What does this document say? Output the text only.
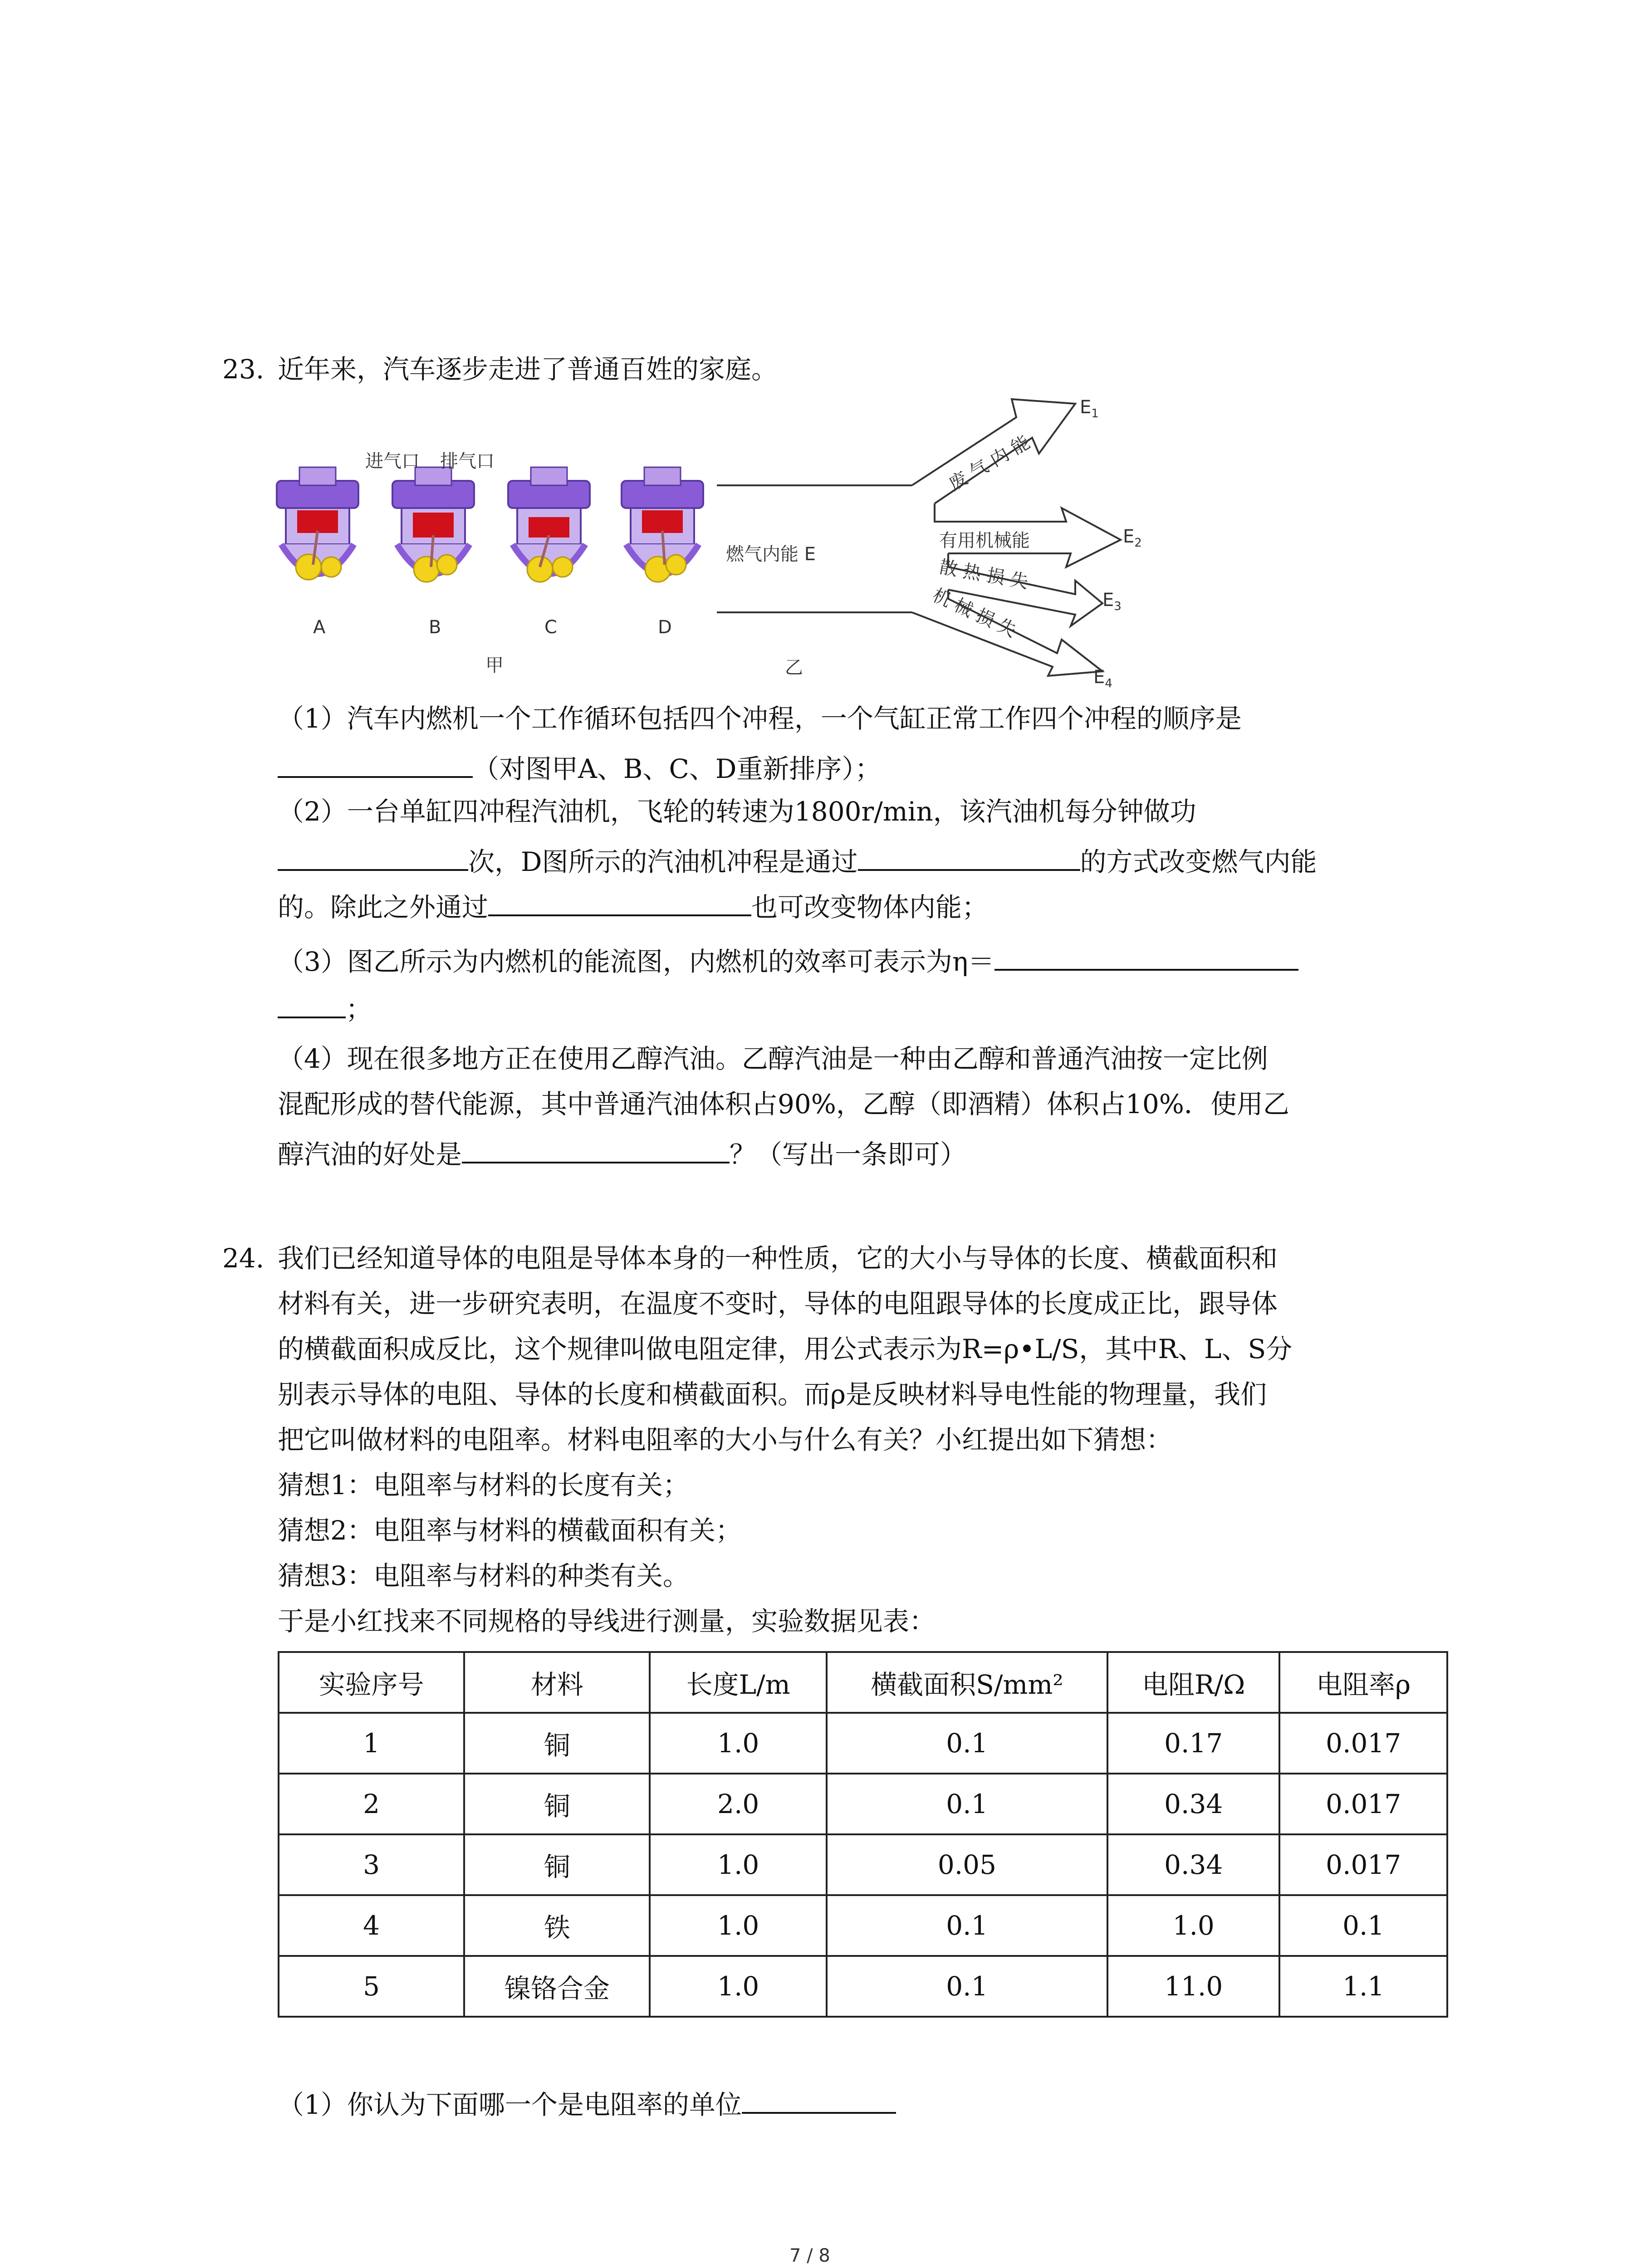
23. 近年来，汽车逐步走进了普通百姓的家庭。
进气口 排气口
A	B	C	D
甲
燃气内能 E
废 气 内 能
有用机械能
散 热 损 失
机 械 损 失
$E_1$
$E_2$
$E_3$
$E_4$
乙
（1）汽车内燃机一个工作循环包括四个冲程，一个气缸正常工作四个冲程的顺序是
（对图甲A、B、C、D重新排序）；
（2）一台单缸四冲程汽油机，飞轮的转速为1800r/min，该汽油机每分钟做功
次，D图所示的汽油机冲程是通过	的方式改变燃气内能
的。除此之外通过	也可改变物体内能；
（3）图乙所示为内燃机的能流图，内燃机的效率可表示为η＝
；
（4）现在很多地方正在使用乙醇汽油。乙醇汽油是一种由乙醇和普通汽油按一定比例
混配形成的替代能源，其中普通汽油体积占90%，乙醇（即酒精）体积占10%．使用乙
醇汽油的好处是	？（写出一条即可）
24. 我们已经知道导体的电阻是导体本身的一种性质，它的大小与导体的长度、横截面积和
材料有关，进一步研究表明，在温度不变时，导体的电阻跟导体的长度成正比，跟导体
的横截面积成反比，这个规律叫做电阻定律，用公式表示为R=ρ•L/S，其中R、L、S分
别表示导体的电阻、导体的长度和横截面积。而ρ是反映材料导电性能的物理量，我们
把它叫做材料的电阻率。材料电阻率的大小与什么有关？小红提出如下猜想：
猜想1：电阻率与材料的长度有关；
猜想2：电阻率与材料的横截面积有关；
猜想3：电阻率与材料的种类有关。
于是小红找来不同规格的导线进行测量，实验数据见表：
实验序号	材料	长度L/m	横截面积S/mm²	电阻R/Ω	电阻率ρ
1	铜	1.0	0.1	0.17	0.017
2	铜	2.0	0.1	0.34	0.017
3	铜	1.0	0.05	0.34	0.017
4	铁	1.0	0.1	1.0	0.1
5	镍铬合金	1.0	0.1	11.0	1.1
（1）你认为下面哪一个是电阻率的单位
7 / 8
